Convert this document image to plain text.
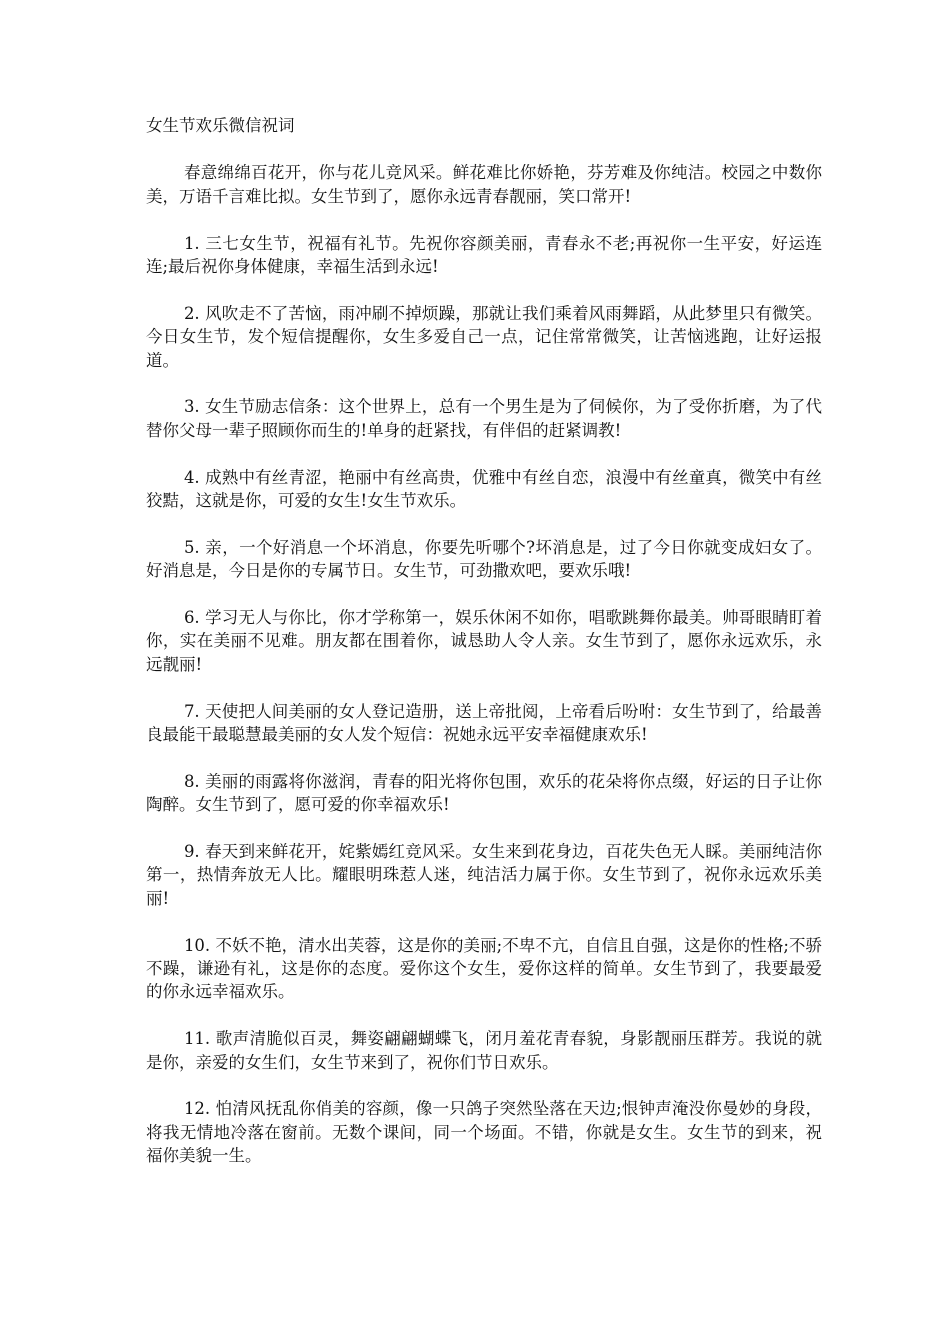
女生节欢乐微信祝词

春意绵绵百花开，你与花儿竞风采。鲜花难比你娇艳，芬芳难及你纯洁。校园之中数你美，万语千言难比拟。女生节到了，愿你永远青春靓丽，笑口常开!

1. 三七女生节，祝福有礼节。先祝你容颜美丽，青春永不老;再祝你一生平安，好运连连;最后祝你身体健康，幸福生活到永远!

2. 风吹走不了苦恼，雨冲刷不掉烦躁，那就让我们乘着风雨舞蹈，从此梦里只有微笑。今日女生节，发个短信提醒你，女生多爱自己一点，记住常常微笑，让苦恼逃跑，让好运报道。

3. 女生节励志信条：这个世界上，总有一个男生是为了伺候你，为了受你折磨，为了代替你父母一辈子照顾你而生的!单身的赶紧找，有伴侣的赶紧调教!

4. 成熟中有丝青涩，艳丽中有丝高贵，优雅中有丝自恋，浪漫中有丝童真，微笑中有丝狡黠，这就是你，可爱的女生!女生节欢乐。

5. 亲，一个好消息一个坏消息，你要先听哪个?坏消息是，过了今日你就变成妇女了。好消息是，今日是你的专属节日。女生节，可劲撒欢吧，要欢乐哦!

6. 学习无人与你比，你才学称第一，娱乐休闲不如你，唱歌跳舞你最美。帅哥眼睛盯着你，实在美丽不见难。朋友都在围着你，诚恳助人令人亲。女生节到了，愿你永远欢乐，永远靓丽!

7. 天使把人间美丽的女人登记造册，送上帝批阅，上帝看后吩咐：女生节到了，给最善良最能干最聪慧最美丽的女人发个短信：祝她永远平安幸福健康欢乐!

8. 美丽的雨露将你滋润，青春的阳光将你包围，欢乐的花朵将你点缀，好运的日子让你陶醉。女生节到了，愿可爱的你幸福欢乐!

9. 春天到来鲜花开，姹紫嫣红竞风采。女生来到花身边，百花失色无人睬。美丽纯洁你第一，热情奔放无人比。耀眼明珠惹人迷，纯洁活力属于你。女生节到了，祝你永远欢乐美丽!

10. 不妖不艳，清水出芙蓉，这是你的美丽;不卑不亢，自信且自强，这是你的性格;不骄不躁，谦逊有礼，这是你的态度。爱你这个女生，爱你这样的简单。女生节到了，我要最爱的你永远幸福欢乐。

11. 歌声清脆似百灵，舞姿翩翩蝴蝶飞，闭月羞花青春貌，身影靓丽压群芳。我说的就是你，亲爱的女生们，女生节来到了，祝你们节日欢乐。

12. 怕清风抚乱你俏美的容颜，像一只鸽子突然坠落在天边;恨钟声淹没你曼妙的身段，将我无情地冷落在窗前。无数个课间，同一个场面。不错，你就是女生。女生节的到来，祝福你美貌一生。
